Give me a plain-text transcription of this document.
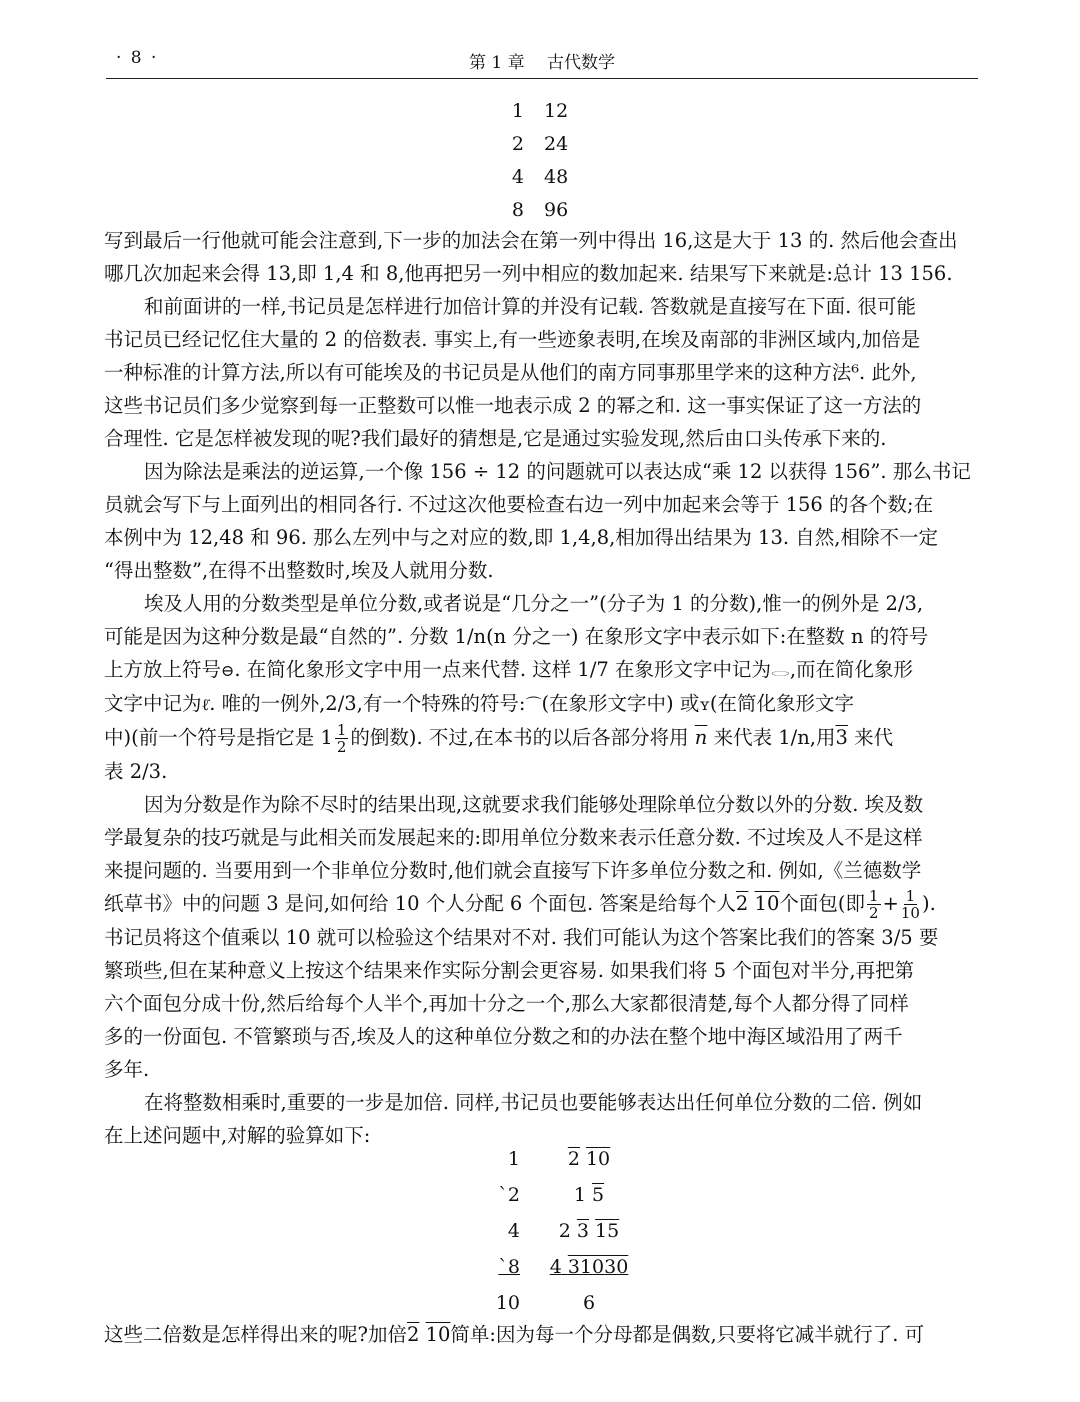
· 8 ·	第 1 章　 古代数学
1	12
2	24
4	48
8	96

写到最后一行他就可能会注意到,下一步的加法会在第一列中得出 16,这是大于 13 的. 然后他会查出
哪几次加起来会得 13,即 1,4 和 8,他再把另一列中相应的数加起来. 结果写下来就是:总计 13 156.

和前面讲的一样,书记员是怎样进行加倍计算的并没有记载. 答数就是直接写在下面. 很可能
书记员已经记忆住大量的 2 的倍数表. 事实上,有一些迹象表明,在埃及南部的非洲区域内,加倍是
一种标准的计算方法,所以有可能埃及的书记员是从他们的南方同事那里学来的这种方法⁶. 此外,
这些书记员们多少觉察到每一正整数可以惟一地表示成 2 的幂之和. 这一事实保证了这一方法的
合理性. 它是怎样被发现的呢?我们最好的猜想是,它是通过实验发现,然后由口头传承下来的.

因为除法是乘法的逆运算,一个像 156 ÷ 12 的问题就可以表达成“乘 12 以获得 156”. 那么书记
员就会写下与上面列出的相同各行. 不过这次他要检查右边一列中加起来会等于 156 的各个数;在
本例中为 12,48 和 96. 那么左列中与之对应的数,即 1,4,8,相加得出结果为 13. 自然,相除不一定
“得出整数”,在得不出整数时,埃及人就用分数.

埃及人用的分数类型是单位分数,或者说是“几分之一”(分子为 1 的分数),惟一的例外是 2/3,
可能是因为这种分数是最“自然的”. 分数 1/n(n 分之一) 在象形文字中表示如下:在整数 n 的符号
上方放上符号⊖. 在简化象形文字中用一点来代替. 这样 1/7 在象形文字中记为𓂋,而在简化象形
文字中记为ℓ̇. 唯的一例外,2/3,有一个特殊的符号:⌒(在象形文字中) 或ʏ(在简化象形文字
中)(前一个符号是指它是 $1 \frac{1}{2}$ 的倒数). 不过,在本书的以后各部分将用 $\overline{n}$ 来代表 1/n,用3 来代
表 2/3.

因为分数是作为除不尽时的结果出现,这就要求我们能够处理除单位分数以外的分数. 埃及数
学最复杂的技巧就是与此相关而发展起来的:即用单位分数来表示任意分数. 不过埃及人不是这样
来提问题的. 当要用到一个非单位分数时,他们就会直接写下许多单位分数之和. 例如,《兰德数学
纸草书》中的问题 3 是问,如何给 10 个人分配 6 个面包. 答案是给每个人2 10个面包(即 $\frac{1}{2} + \frac{1}{10}$ ).
书记员将这个值乘以 10 就可以检验这个结果对不对. 我们可能认为这个答案比我们的答案 3/5 要
繁琐些,但在某种意义上按这个结果来作实际分割会更容易. 如果我们将 5 个面包对半分,再把第
六个面包分成十份,然后给每个人半个,再加十分之一个,那么大家都很清楚,每个人都分得了同样
多的一份面包. 不管繁琐与否,埃及人的这种单位分数之和的办法在整个地中海区域沿用了两千
多年.

在将整数相乘时,重要的一步是加倍. 同样,书记员也要能够表达出任何单位分数的二倍. 例如
在上述问题中,对解的验算如下:

1	2 10
`2	1 5
4	2 3 15
`8	4 31030
10	6

这些二倍数是怎样得出来的呢?加倍2 10简单:因为每一个分母都是偶数,只要将它减半就行了. 可
